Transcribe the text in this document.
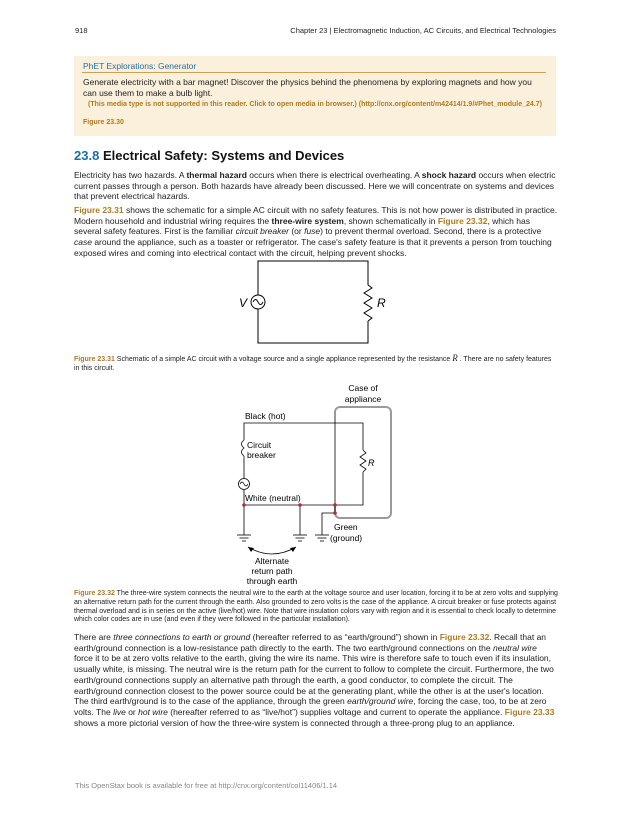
918	Chapter 23 | Electromagnetic Induction, AC Circuits, and Electrical Technologies
PhET Explorations: Generator
Generate electricity with a bar magnet! Discover the physics behind the phenomena by exploring magnets and how you can use them to make a bulb light.
(This media type is not supported in this reader. Click to open media in browser.) (http://cnx.org/content/m42414/1.9/#Phet_module_24.7)
Figure 23.30
23.8 Electrical Safety: Systems and Devices

Electricity has two hazards. A thermal hazard occurs when there is electrical overheating. A shock hazard occurs when electric current passes through a person. Both hazards have already been discussed. Here we will concentrate on systems and devices that prevent electrical hazards.

Figure 23.31 shows the schematic for a simple AC circuit with no safety features. This is not how power is distributed in practice. Modern household and industrial wiring requires the three-wire system, shown schematically in Figure 23.32, which has several safety features. First is the familiar circuit breaker (or fuse) to prevent thermal overload. Second, there is a protective case around the appliance, such as a toaster or refrigerator. The case's safety feature is that it prevents a person from touching exposed wires and coming into electrical contact with the circuit, helping prevent shocks.

V	R
Figure 23.31 Schematic of a simple AC circuit with a voltage source and a single appliance represented by the resistance R . There are no safety features in this circuit.
Case of
appliance
Black (hot)
Circuit
breaker
R
White (neutral)
Green
(ground)
Alternate
return path
through earth
Figure 23.32 The three-wire system connects the neutral wire to the earth at the voltage source and user location, forcing it to be at zero volts and supplying an alternative return path for the current through the earth. Also grounded to zero volts is the case of the appliance. A circuit breaker or fuse protects against thermal overload and is in series on the active (live/hot) wire. Note that wire insulation colors vary with region and it is essential to check locally to determine which color codes are in use (and even if they were followed in the particular installation).

There are three connections to earth or ground (hereafter referred to as “earth/ground”) shown in Figure 23.32. Recall that an earth/ground connection is a low-resistance path directly to the earth. The two earth/ground connections on the neutral wire force it to be at zero volts relative to the earth, giving the wire its name. This wire is therefore safe to touch even if its insulation, usually white, is missing. The neutral wire is the return path for the current to follow to complete the circuit. Furthermore, the two earth/ground connections supply an alternative path through the earth, a good conductor, to complete the circuit. The earth/ground connection closest to the power source could be at the generating plant, while the other is at the user's location. The third earth/ground is to the case of the appliance, through the green earth/ground wire, forcing the case, too, to be at zero volts. The live or hot wire (hereafter referred to as “live/hot”) supplies voltage and current to operate the appliance. Figure 23.33 shows a more pictorial version of how the three-wire system is connected through a three-prong plug to an appliance.

This OpenStax book is available for free at http://cnx.org/content/col11406/1.14
